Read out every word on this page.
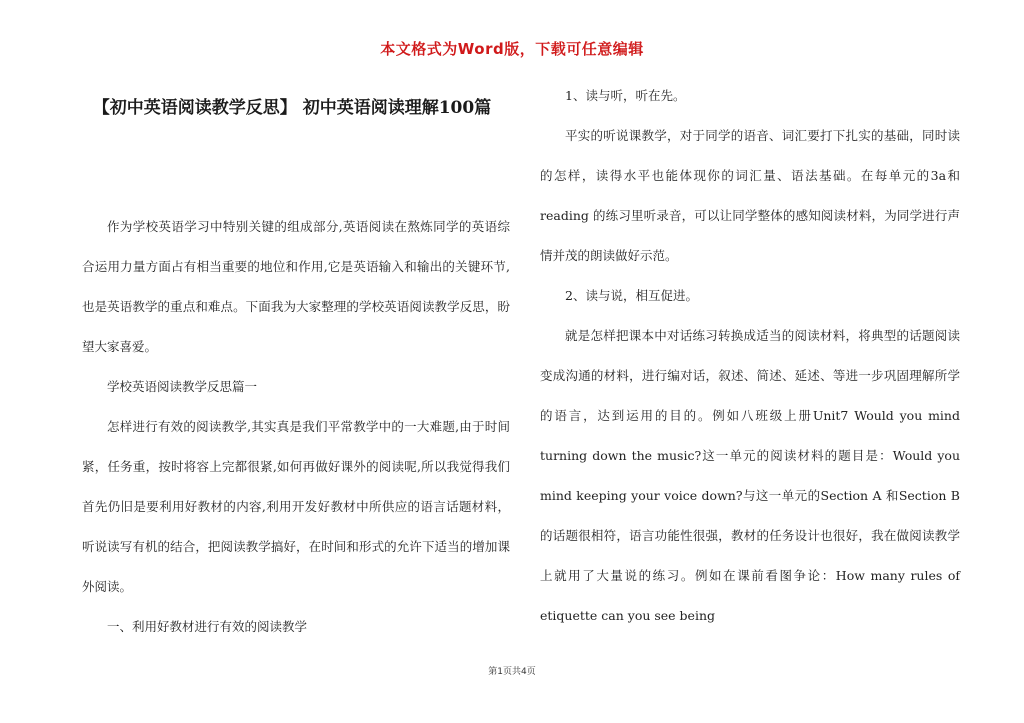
本文格式为Word版，下载可任意编辑
【初中英语阅读教学反思】 初中英语阅读理解100篇

作为学校英语学习中特别关键的组成部分,英语阅读在熬炼同学的英语综合运用力量方面占有相当重要的地位和作用,它是英语输入和输出的关键环节,也是英语教学的重点和难点。下面我为大家整理的学校英语阅读教学反思，盼望大家喜爱。

学校英语阅读教学反思篇一

怎样进行有效的阅读教学,其实真是我们平常教学中的一大难题,由于时间紧，任务重，按时将容上完都很紧,如何再做好课外的阅读呢,所以我觉得我们首先仍旧是要利用好教材的内容,利用开发好教材中所供应的语言话题材料，听说读写有机的结合，把阅读教学搞好，在时间和形式的允许下适当的增加课外阅读。

一、利用好教材进行有效的阅读教学

1、读与听，听在先。

平实的听说课教学，对于同学的语音、词汇要打下扎实的基础，同时读的怎样，读得水平也能体现你的词汇量、语法基础。在每单元的3a和reading 的练习里听录音，可以让同学整体的感知阅读材料，为同学进行声情并茂的朗读做好示范。

2、读与说，相互促进。

就是怎样把课本中对话练习转换成适当的阅读材料，将典型的话题阅读变成沟通的材料，进行编对话，叙述、简述、延述、等进一步巩固理解所学的语言，达到运用的目的。例如八班级上册Unit7 Would you mind turning down the music?这一单元的阅读材料的题目是：Would you mind keeping your voice down?与这一单元的Section A 和Section B的话题很相符，语言功能性很强，教材的任务设计也很好，我在做阅读教学上就用了大量说的练习。例如在课前看图争论：How many rules of etiquette can you see being

第1页共4页
